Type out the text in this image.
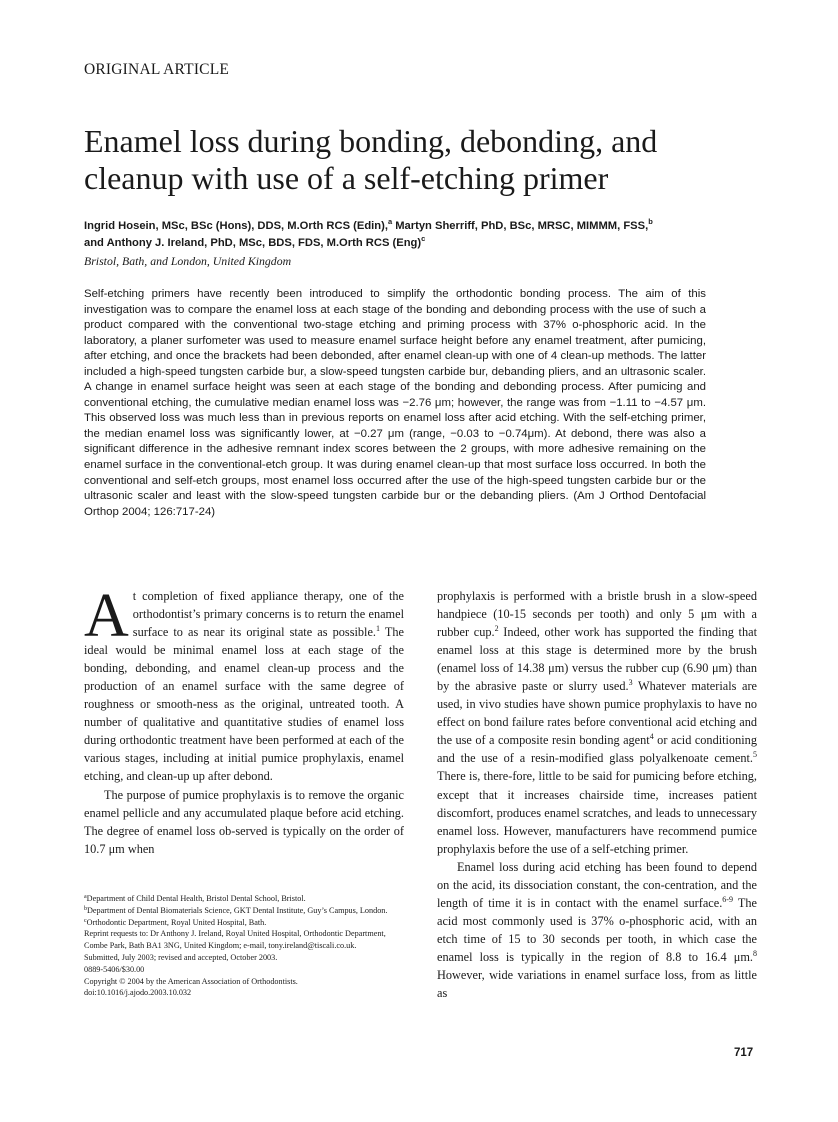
ORIGINAL ARTICLE
Enamel loss during bonding, debonding, and cleanup with use of a self-etching primer
Ingrid Hosein, MSc, BSc (Hons), DDS, M.Orth RCS (Edin),$^a$ Martyn Sherriff, PhD, BSc, MRSC, MIMMM, FSS,$^b$
and Anthony J. Ireland, PhD, MSc, BDS, FDS, M.Orth RCS (Eng)$^c$
Bristol, Bath, and London, United Kingdom

Self-etching primers have recently been introduced to simplify the orthodontic bonding process. The aim of this investigation was to compare the enamel loss at each stage of the bonding and debonding process with the use of such a product compared with the conventional two-stage etching and priming process with 37% o-phosphoric acid. In the laboratory, a planer surfometer was used to measure enamel surface height before any enamel treatment, after pumicing, after etching, and once the brackets had been debonded, after enamel clean-up with one of 4 clean-up methods. The latter included a high-speed tungsten carbide bur, a slow-speed tungsten carbide bur, debanding pliers, and an ultrasonic scaler. A change in enamel surface height was seen at each stage of the bonding and debonding process. After pumicing and conventional etching, the cumulative median enamel loss was −2.76 μm; however, the range was from −1.11 to −4.57 μm. This observed loss was much less than in previous reports on enamel loss after acid etching. With the self-etching primer, the median enamel loss was significantly lower, at −0.27 μm (range, −0.03 to −0.74μm). At debond, there was also a significant difference in the adhesive remnant index scores between the 2 groups, with more adhesive remaining on the enamel surface in the conventional-etch group. It was during enamel clean-up that most surface loss occurred. In both the conventional and self-etch groups, most enamel loss occurred after the use of the high-speed tungsten carbide bur or the ultrasonic scaler and least with the slow-speed tungsten carbide bur or the debanding pliers. (Am J Orthod Dentofacial Orthop 2004; 126:717-24)

At completion of fixed appliance therapy, one of the orthodontist’s primary concerns is to return the enamel surface to as near its original state as possible.$^1$ The ideal would be minimal enamel loss at each stage of the bonding, debonding, and enamel clean-up process and the production of an enamel surface with the same degree of roughness or smooth-ness as the original, untreated tooth. A number of qualitative and quantitative studies of enamel loss during orthodontic treatment have been performed at each of the various stages, including at initial pumice prophylaxis, enamel etching, and clean-up up after debond.

The purpose of pumice prophylaxis is to remove the organic enamel pellicle and any accumulated plaque before acid etching. The degree of enamel loss ob-served is typically on the order of 10.7 μm when

prophylaxis is performed with a bristle brush in a slow-speed handpiece (10-15 seconds per tooth) and only 5 μm with a rubber cup.$^2$ Indeed, other work has supported the finding that enamel loss at this stage is determined more by the brush (enamel loss of 14.38 μm) versus the rubber cup (6.90 μm) than by the abrasive paste or slurry used.$^3$ Whatever materials are used, in vivo studies have shown pumice prophylaxis to have no effect on bond failure rates before conventional acid etching and the use of a composite resin bonding agent$^4$ or acid conditioning and the use of a resin-modified glass polyalkenoate cement.$^5$ There is, there-fore, little to be said for pumicing before etching, except that it increases chairside time, increases patient discomfort, produces enamel scratches, and leads to unnecessary enamel loss. However, manufacturers have recommend pumice prophylaxis before the use of a self-etching primer.

Enamel loss during acid etching has been found to depend on the acid, its dissociation constant, the con-centration, and the length of time it is in contact with the enamel surface.$^{6-9}$ The acid most commonly used is 37% o-phosphoric acid, with an etch time of 15 to 30 seconds per tooth, in which case the enamel loss is typically in the region of 8.8 to 16.4 μm.$^8$ However, wide variations in enamel surface loss, from as little as

$^a$Department of Child Dental Health, Bristol Dental School, Bristol.
$^b$Department of Dental Biomaterials Science, GKT Dental Institute, Guy’s Campus, London.
$^c$Orthodontic Department, Royal United Hospital, Bath.
Reprint requests to: Dr Anthony J. Ireland, Royal United Hospital, Orthodontic Department, Combe Park, Bath BA1 3NG, United Kingdom; e-mail, tony.ireland@tiscali.co.uk.
Submitted, July 2003; revised and accepted, October 2003.
0889-5406/$30.00
Copyright © 2004 by the American Association of Orthodontists.
doi:10.1016/j.ajodo.2003.10.032
717
